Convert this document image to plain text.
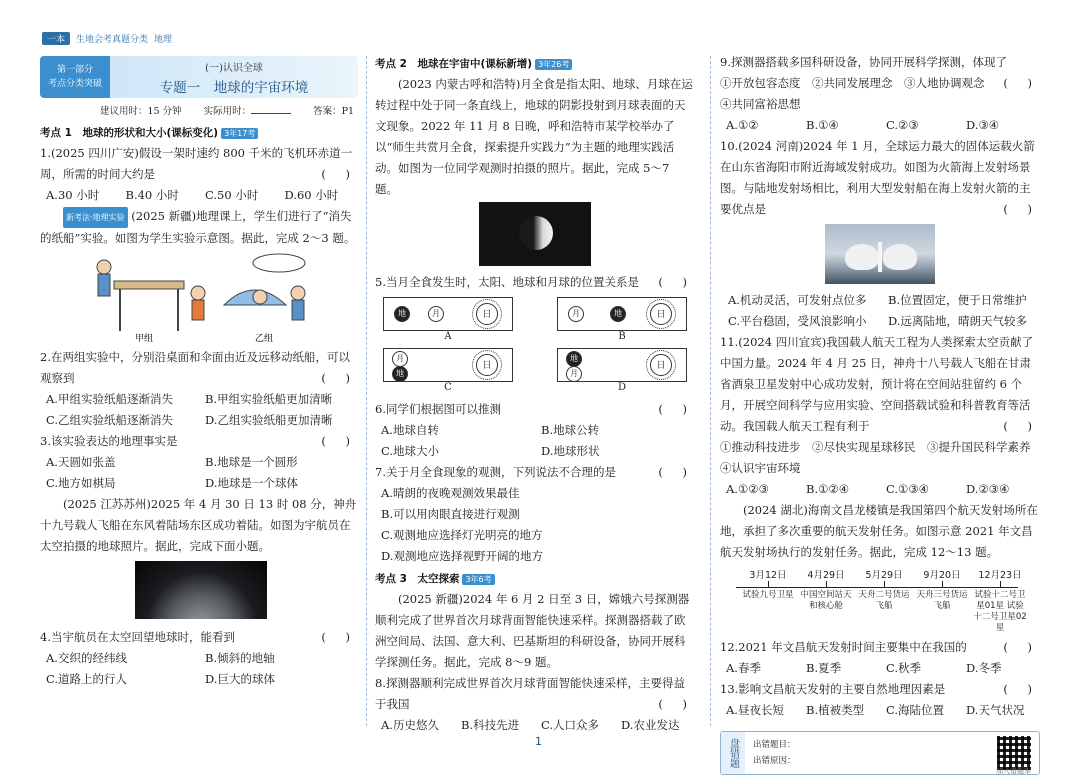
一本	生地会考真题分类 地理
第一部分
考点分类突破
(一)认识全球
专题一　地球的宇宙环境
建议用时：15 分钟 实际用时：	答案：P1
考点 1　地球的形状和大小(课标变化) 3年17考
1.(2025 四川广安)假设一架时速约 800 千米的飞机环赤道一周，所需的时间大约是	( )
A.30 小时	B.40 小时	C.50 小时	D.60 小时
新考法·地理实验 (2025 新疆)地理课上，学生们进行了“消失的纸船”实验。如图为学生实验示意图。据此，完成 2～3 题。
甲组	乙组
2.在两组实验中，分别沿桌面和伞面由近及远移动纸船，可以观察到	( )
A.甲组实验纸船逐渐消失	B.甲组实验纸船更加清晰
C.乙组实验纸船逐渐消失	D.乙组实验纸船更加清晰
3.该实验表达的地理事实是	( )
A.天圆如张盖	B.地球是一个圆形
C.地方如棋局	D.地球是一个球体
(2025 江苏苏州)2025 年 4 月 30 日 13 时 08 分，神舟十九号载人飞船在东风着陆场东区成功着陆。如图为宇航员在太空拍摄的地球照片。据此，完成下面小题。
4.当宇航员在太空回望地球时，能看到	( )
A.交织的经纬线	B.倾斜的地轴
C.道路上的行人	D.巨大的球体
考点 2　地球在宇宙中(课标新增) 3年26考
(2023 内蒙古呼和浩特)月全食是指太阳、地球、月球在运转过程中处于同一条直线上，地球的阴影投射到月球表面的天文现象。2022 年 11 月 8 日晚，呼和浩特市某学校举办了以“师生共赏月全食，探索提升实践力”为主题的地理实践活动。如图为一位同学观测时拍摄的照片。据此，完成 5～7 题。
5.当月全食发生时，太阳、地球和月球的位置关系是 ( )
地	月	日
A
月	地	日
B
月
地
日
C
地
月
日
D
6.同学们根据图可以推测	( )
A.地球自转	B.地球公转
C.地球大小	D.地球形状
7.关于月全食现象的观测，下列说法不合理的是	( )
A.晴朗的夜晚观测效果最佳
B.可以用肉眼直接进行观测
C.观测地应选择灯光明亮的地方
D.观测地应选择视野开阔的地方
考点 3　太空探索 3年6考
(2025 新疆)2024 年 6 月 2 日至 3 日，嫦娥六号探测器顺利完成了世界首次月球背面智能快速采样。探测器搭载了欧洲空间局、法国、意大利、巴基斯坦的科研设备，协同开展科学探测任务。据此，完成 8～9 题。
8.探测器顺利完成世界首次月球背面智能快速采样，主要得益于我国	( )
A.历史悠久	B.科技先进	C.人口众多	D.农业发达
9.探测器搭载多国科研设备，协同开展科学探测，体现了
( )
①开放包容态度　②共同发展理念　③人地协调观念　④共同富裕思想
A.①②	B.①④	C.②③	D.③④
10.(2024 河南)2024 年 1 月，全球运力最大的固体运载火箭在山东省海阳市附近海域发射成功。如图为火箭海上发射场景图。与陆地发射场相比，利用大型发射船在海上发射火箭的主要优点是	( )
A.机动灵活，可发射点位多	B.位置固定，便于日常维护
C.平台稳固，受风浪影响小	D.远离陆地，晴朗天气较多
11.(2024 四川宜宾)我国载人航天工程为人类探索太空贡献了中国力量。2024 年 4 月 25 日，神舟十八号载人飞船在甘肃省酒泉卫星发射中心成功发射，预计将在空间站驻留约 6 个月，开展空间科学与应用实验、空间搭载试验和科普教育等活动。我国载人航天工程有利于	( )
①推动科技进步　②尽快实现星球移民　③提升国民科学素养　④认识宇宙环境
A.①②③	B.①②④	C.①③④	D.②③④
(2024 湖北)海南文昌龙楼镇是我国第四个航天发射场所在地，承担了多次重要的航天发射任务。如图示意 2021 年文昌航天发射场执行的发射任务。据此，完成 12～13 题。
3月12日
试验九号卫星
4月29日
中国空间站天和核心舱
5月29日
天舟二号货运飞船
9月20日
天舟三号货运飞船
12月23日
试验十二号卫星01星 试验十二号卫星02星
12.2021 年文昌航天发射时间主要集中在我国的	( )
A.春季	B.夏季	C.秋季	D.冬季
13.影响文昌航天发射的主要自然地理因素是	( )
A.昼夜长短	B.植被类型	C.海陆位置	D.天气状况
盘错题	出错题目：
出错原因：
加入错题本
1
